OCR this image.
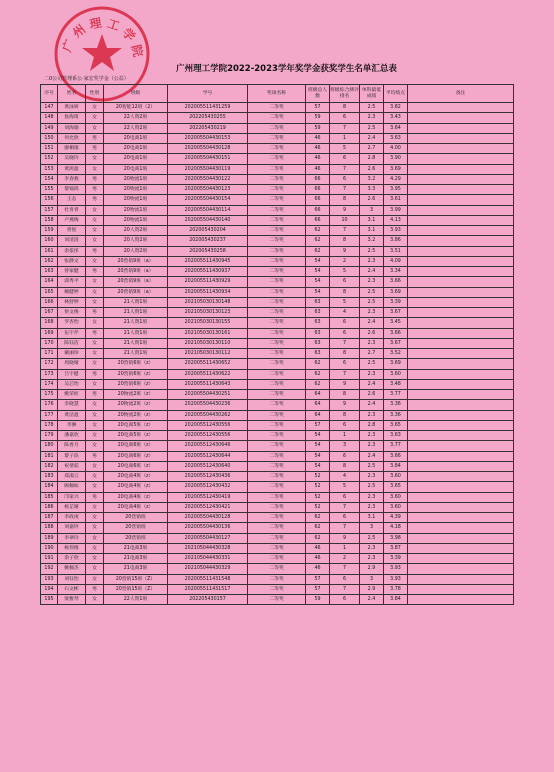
广 州 理 工 学 院
广州理工学院2022-2023学年奖学金获奖学生名单汇总表
二0公司管理系公·家宏奖学金（公益）
序号	姓名	性别	班级	学号	奖项名称	班级总人数	班级综合测评排名	单科最低成绩	平均绩点	备注
147	黄泳妍	女	20智能12班（2）	202005511431259	二等奖	57	8	2.5	3.82	
148	詹海琦	女	22人资2班	202205430255	二等奖	59	6	2.3	3.43	
149	刘海瑜	女	22人资2班	202205430219	二等奖	59	7	2.5	3.64	
150	何允欣	男	20电商1班	202005504430153	二等奖	46	1	2.4	3.63	
151	廖桐康	男	20电商1班	202005504430128	二等奖	46	5	2.7	4.00	
152	吴晓玲	女	20电商1班	202005504430151	二等奖	46	6	2.8	3.90	
153	黄鸿盈	女	20电商1班	202005504430119	二等奖	46	7	2.6	3.69	
154	李春燕	男	20物流1班	202005504430122	二等奖	66	6	3.2	4.29	
155	黎锦鸿	男	20物流1班	202005504430123	二等奖	66	7	3.3	3.95	
156	王态	男	20物流1班	202005504430154	二等奖	66	8	2.6	3.61	
157	杜青青	女	20物流1班	202005504430114	二等奖	66	9	3	3.99	
158	卢燕梅	女	20物流1班	202005504430140	二等奖	66	10	3.1	4.13	
159	曾悦	女	20人资2班	202005430204	二等奖	62	7	3.1	3.93	
160	刘清清	女	20人资2班	202005430237	二等奖	62	8	3.2	3.86	
161	余依彤	男	20人资2班	202005430258	二等奖	62	9	2.5	3.51	
162	张静文	女	20营销9班（a）	202005511430945	二等奖	54	2	2.3	4.09	
163	曾家健	男	20营销9班（a）	202005511430937	二等奖	54	5	2.4	3.34	
164	邱秀平	女	20营销9班（a）	202005511430929	二等奖	54	6	2.3	3.66	
165	赖健婷	女	20营销9班（a）	202005511430934	二等奖	54	8	2.5	3.69	
166	林舒婷	女	21人资1班	202105030130148	二等奖	63	5	2.5	3.39	
167	侯文俊	男	21人资1班	202105030130123	二等奖	63	4	2.3	3.67	
168	罗杏怡	女	21人资1班	202105030130155	二等奖	63	6	2.4	3.45	
169	伍宇芹	男	21人资1班	202105030130161	二等奖	63	6	2.6	3.66	
170	陈钰洁	女	21人资1班	202105030130110	二等奖	63	7	2.3	3.67	
171	戴丽珍	女	21人资1班	202105030130112	二等奖	63	8	2.7	3.52	
172	周晓晴	女	20营销6班（z）	202005511430652	二等奖	62	6	2.5	3.69	
173	吕宇健	男	20营销6班（z）	202005511430622	二等奖	62	7	2.3	3.60	
174	吴芯怡	女	20营销6班（z）	202005511430643	二等奖	62	9	2.4	3.48	
175	姚荣炬	男	20物流2班（z）	202005504430251	二等奖	64	8	2.6	3.77	
176	李晓慧	女	20物流2班（z）	202005504430236	二等奖	64	9	2.4	3.36	
177	黄洁盈	女	20物流2班（z）	202005504430262	二等奖	64	8	2.3	3.36	
178	李淋	女	20电商5班（z）	202005512430556	二等奖	57	6	2.8	3.65	
179	潘嘉欣	女	20电商5班（z）	202005512430556	二等奖	54	1	2.3	3.63	
180	陈香月	女	20电商6班（z）	202005512430646	二等奖	54	3	2.3	3.77	
181	黎子滨	男	20电商6班（z）	202005512430644	二等奖	54	6	2.4	3.66	
182	祝倩茹	女	20电商6班（z）	202005512430640	二等奖	54	8	2.5	3.84	
183	郑淑云	女	20电商4班（z）	202005512430436	二等奖	52	4	2.3	3.60	
184	顾佩如	女	20电商4班（z）	202005512430432	二等奖	52	5	2.5	3.65	
185	邝家兴	男	20电商4班（z）	202005512430419	二等奖	52	6	2.3	3.60	
186	杨芷晴	女	20电商4班（z）	202005512430421	二等奖	52	7	2.3	3.60	
187	李政庚	女	20营销班	202005504430128	二等奖	62	6	3.1	4.39	
188	刘嘉铃	女	20营销班	202005504430136	二等奖	62	7	3	4.18	
189	李翠玲	女	20营销班	202005504430127	二等奖	62	9	2.5	3.98	
190	杨伟维	女	21电商3班	202105044430328	二等奖	46	1	2.3	3.87	
191	余子欣	女	21电商3班	202105044430331	二等奖	46	2	2.3	3.39	
192	姚佩杰	女	21电商3班	202105044430329	二等奖	46	7	2.9	3.93	
193	刘钰怡	女	20营销15班（Z）	202005511431548	二等奖	57	6	3	3.93	
194	石文彬	男	20营销15班（Z）	202005511431517	二等奖	57	7	2.9	3.78	
195	梁雅琴	女	22人资1班	202205430157	二等奖	59	6	2.4	3.84	
